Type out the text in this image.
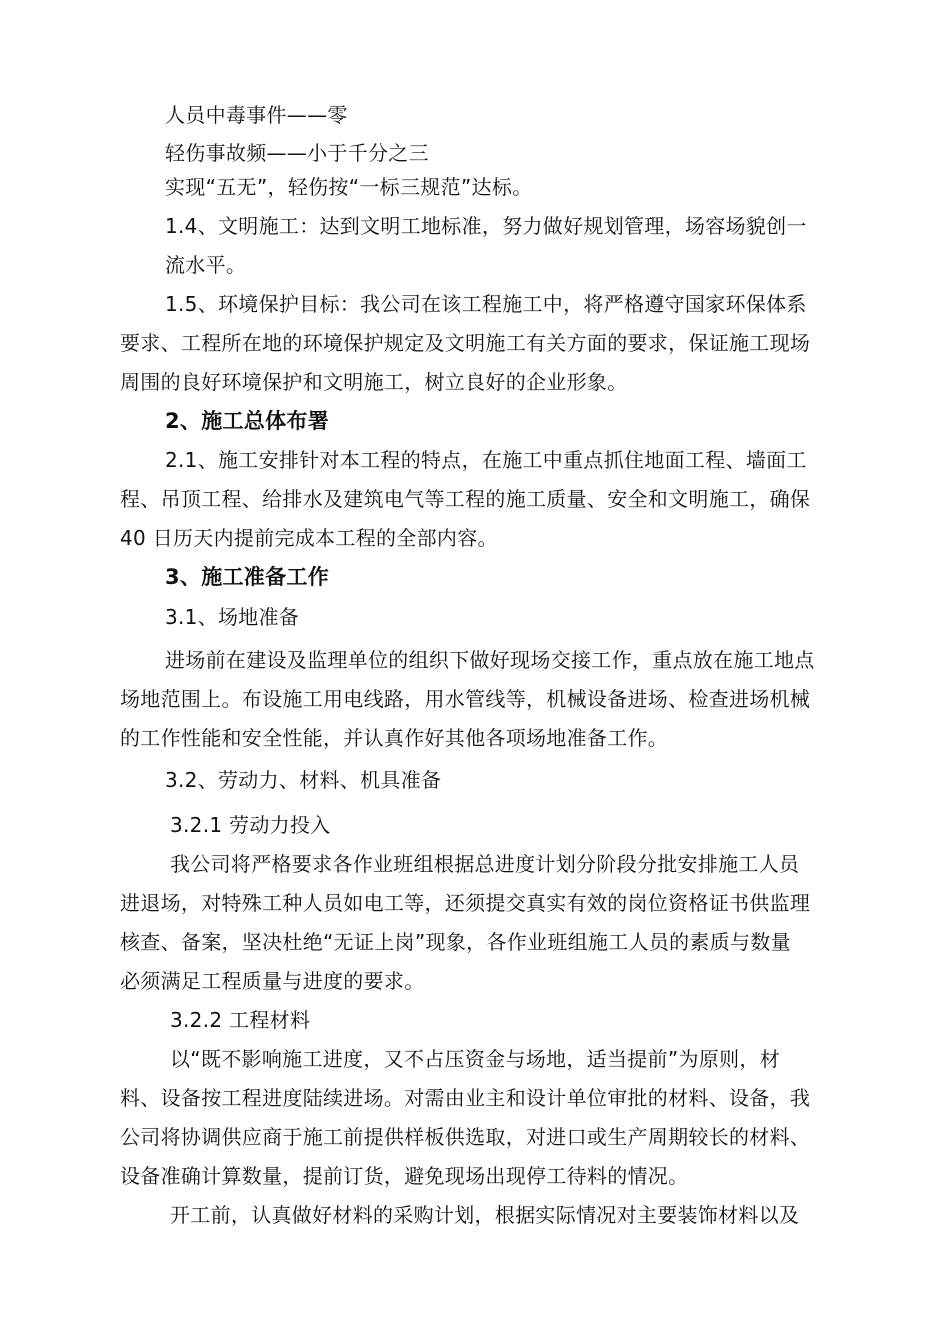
人员中毒事件——零
轻伤事故频——小于千分之三
实现“五无”，轻伤按“一标三规范”达标。
1.4、文明施工：达到文明工地标准，努力做好规划管理，场容场貌创一
流水平。
1.5、环境保护目标：我公司在该工程施工中，将严格遵守国家环保体系
要求、工程所在地的环境保护规定及文明施工有关方面的要求，保证施工现场
周围的良好环境保护和文明施工，树立良好的企业形象。
2、施工总体布署
2.1、施工安排针对本工程的特点，在施工中重点抓住地面工程、墙面工
程、吊顶工程、给排水及建筑电气等工程的施工质量、安全和文明施工，确保
40 日历天内提前完成本工程的全部内容。
3、施工准备工作
3.1、场地准备
进场前在建设及监理单位的组织下做好现场交接工作，重点放在施工地点
场地范围上。布设施工用电线路，用水管线等，机械设备进场、检查进场机械
的工作性能和安全性能，并认真作好其他各项场地准备工作。
3.2、劳动力、材料、机具准备
3.2.1 劳动力投入
我公司将严格要求各作业班组根据总进度计划分阶段分批安排施工人员
进退场，对特殊工种人员如电工等，还须提交真实有效的岗位资格证书供监理
核查、备案，坚决杜绝“无证上岗”现象，各作业班组施工人员的素质与数量
必须满足工程质量与进度的要求。
3.2.2 工程材料
以“既不影响施工进度，又不占压资金与场地，适当提前”为原则，材
料、设备按工程进度陆续进场。对需由业主和设计单位审批的材料、设备，我
公司将协调供应商于施工前提供样板供选取，对进口或生产周期较长的材料、
设备准确计算数量，提前订货，避免现场出现停工待料的情况。
开工前，认真做好材料的采购计划，根据实际情况对主要装饰材料以及
